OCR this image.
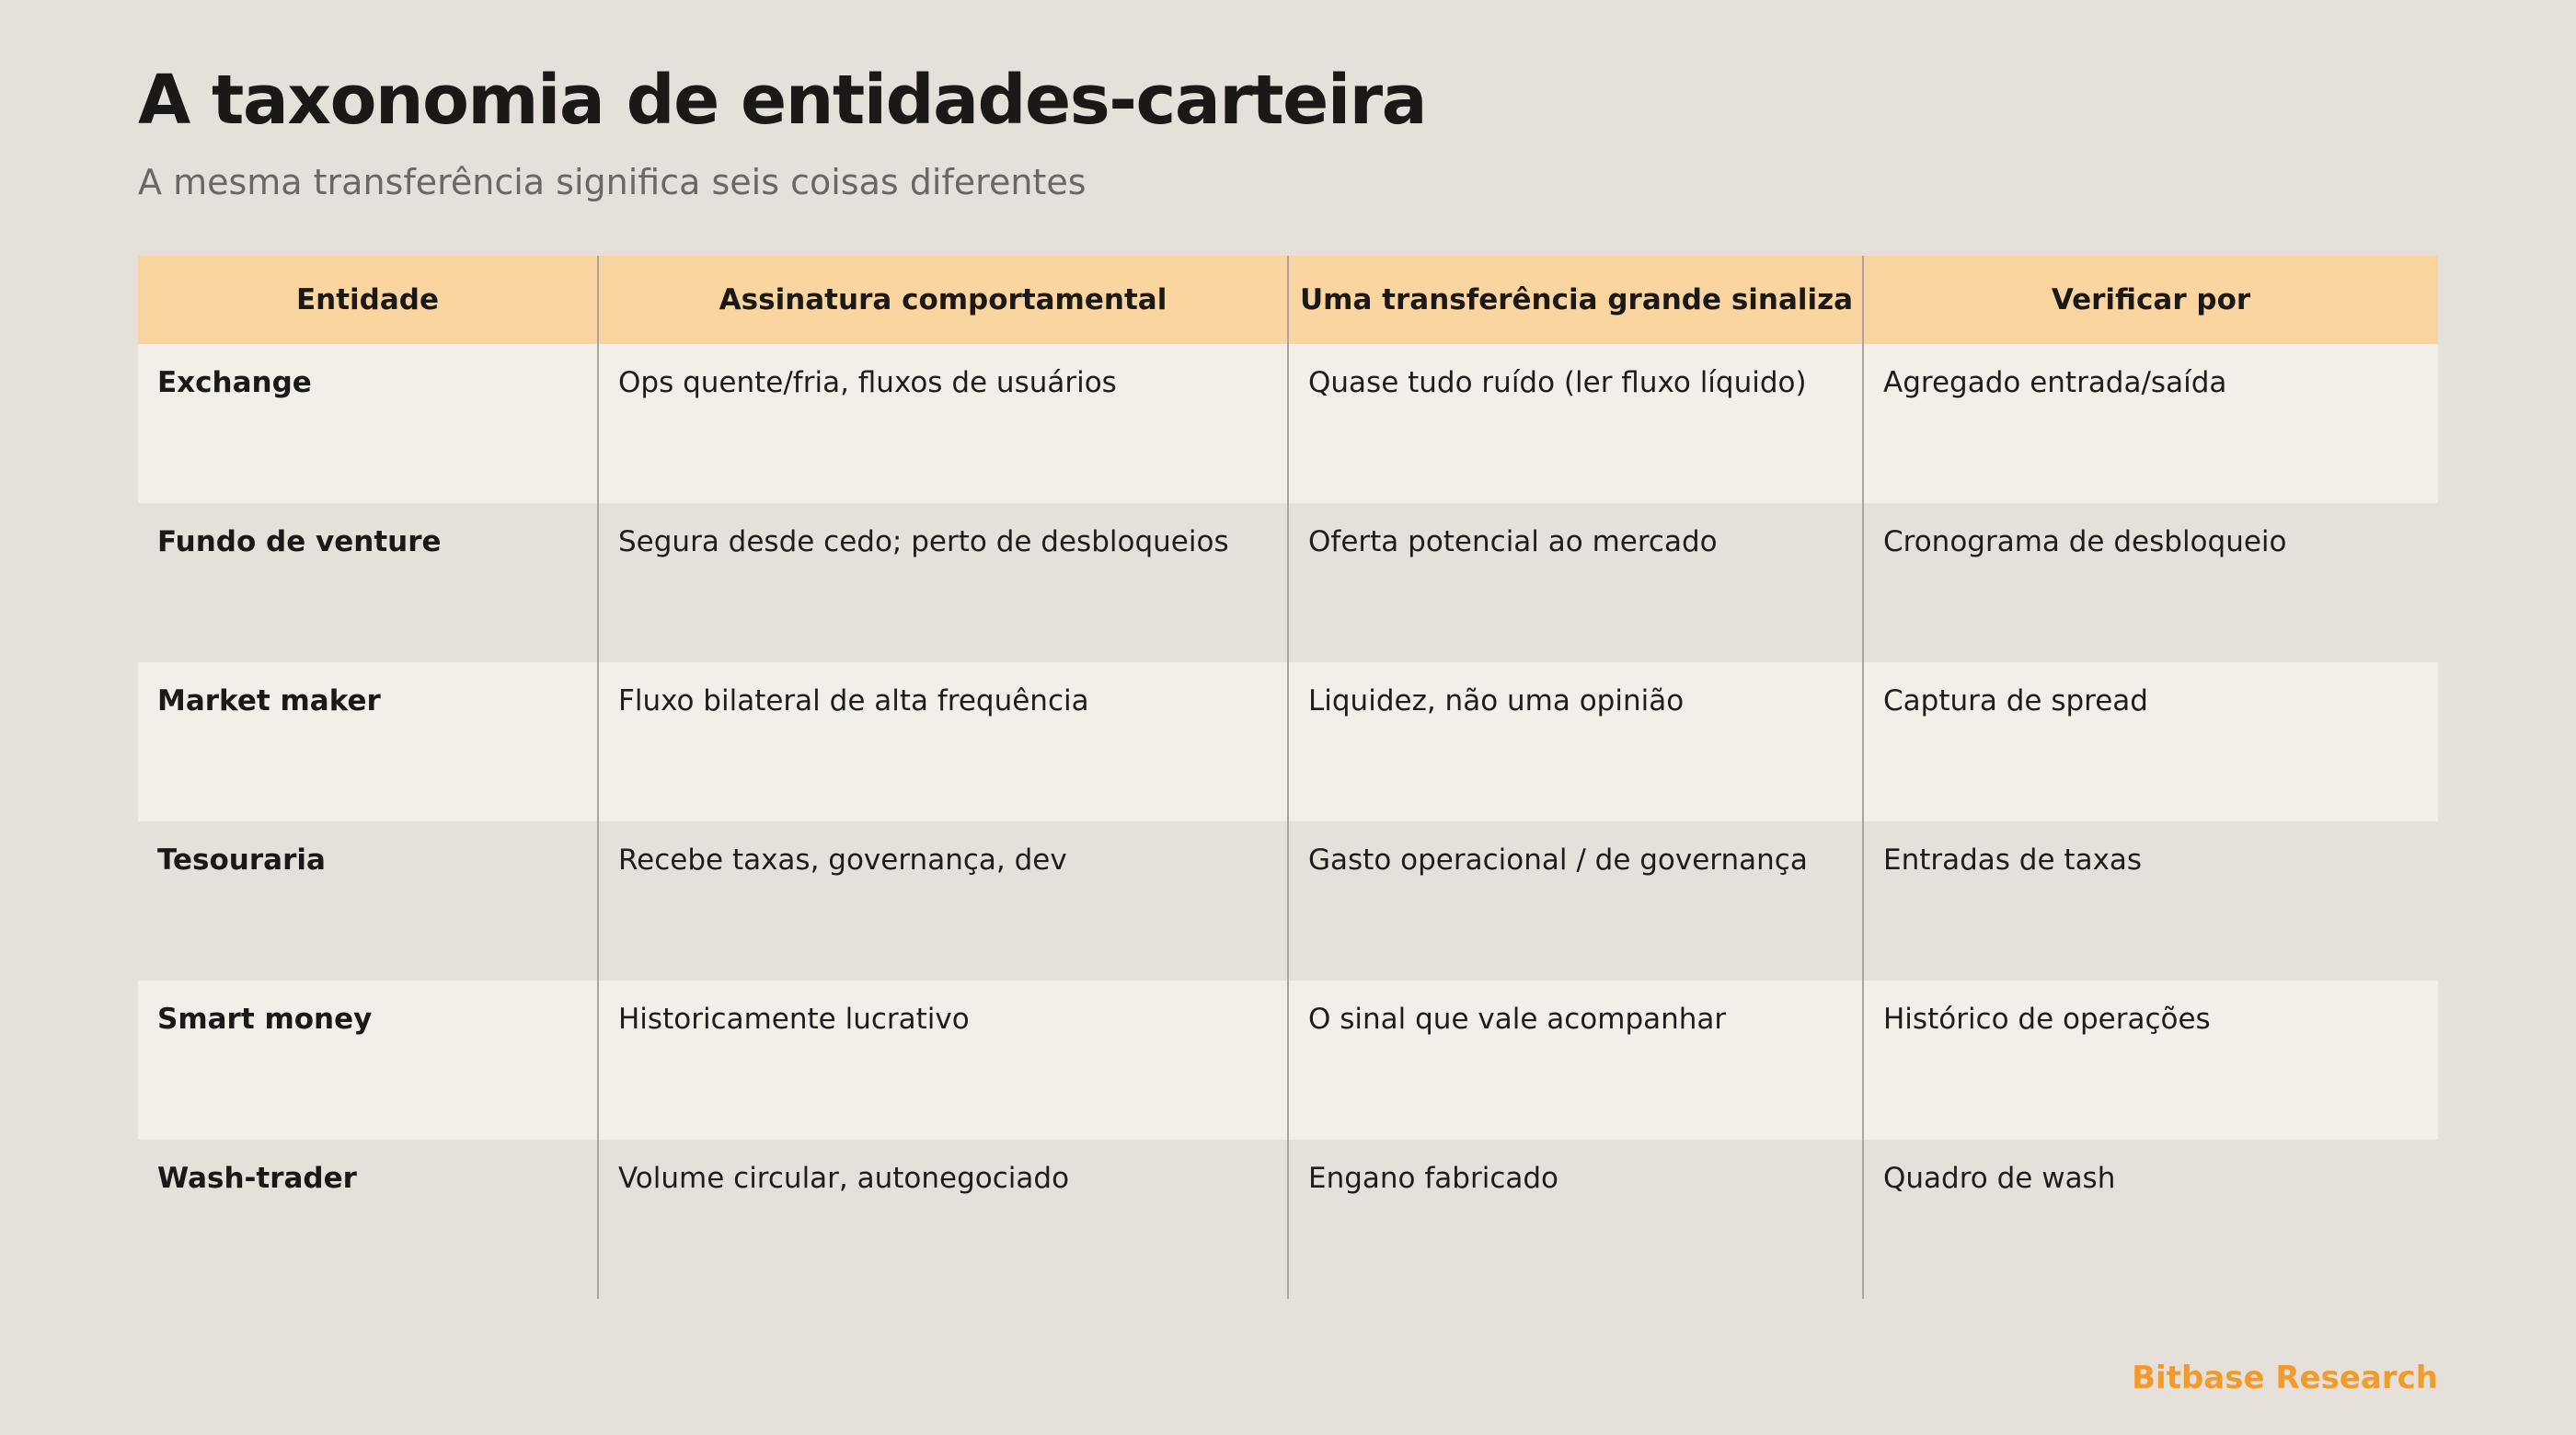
A taxonomia de entidades-carteira
A mesma transferência significa seis coisas diferentes
Entidade	Assinatura comportamental	Uma transferência grande sinaliza	Verificar por
Exchange	Ops quente/fria, fluxos de usuários	Quase tudo ruído (ler fluxo líquido)	Agregado entrada/saída
Fundo de venture	Segura desde cedo; perto de desbloqueios	Oferta potencial ao mercado	Cronograma de desbloqueio
Market maker	Fluxo bilateral de alta frequência	Liquidez, não uma opinião	Captura de spread
Tesouraria	Recebe taxas, governança, dev	Gasto operacional / de governança	Entradas de taxas
Smart money	Historicamente lucrativo	O sinal que vale acompanhar	Histórico de operações
Wash-trader	Volume circular, autonegociado	Engano fabricado	Quadro de wash

Bitbase Research
